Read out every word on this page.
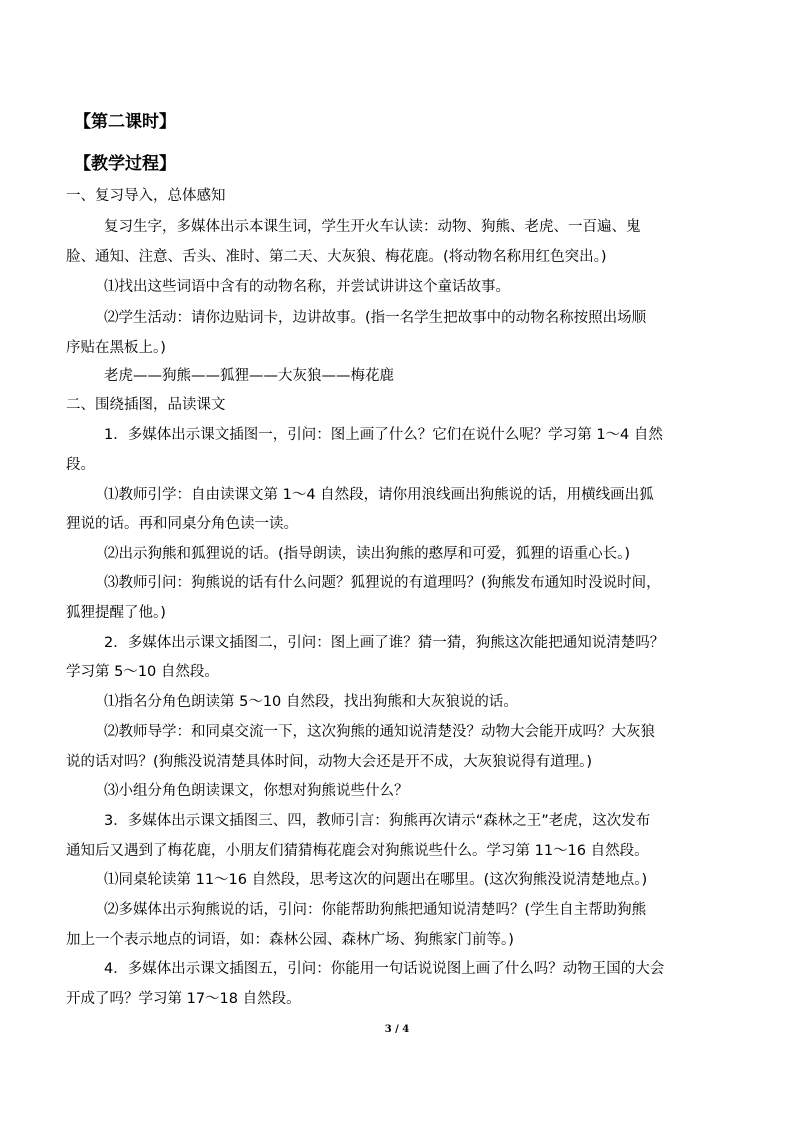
【第二课时】
【教学过程】
一、复习导入，总体感知
复习生字，多媒体出示本课生词，学生开火车认读：动物、狗熊、老虎、一百遍、鬼
脸、通知、注意、舌头、准时、第二天、大灰狼、梅花鹿。(将动物名称用红色突出。)
⑴找出这些词语中含有的动物名称，并尝试讲讲这个童话故事。
⑵学生活动：请你边贴词卡，边讲故事。(指一名学生把故事中的动物名称按照出场顺
序贴在黑板上。)
老虎——狗熊——狐狸——大灰狼——梅花鹿
二、围绕插图，品读课文
1．多媒体出示课文插图一，引问：图上画了什么？它们在说什么呢？学习第 1～4 自然
段。
⑴教师引学：自由读课文第 1～4 自然段，请你用浪线画出狗熊说的话，用横线画出狐
狸说的话。再和同桌分角色读一读。
⑵出示狗熊和狐狸说的话。(指导朗读，读出狗熊的憨厚和可爱，狐狸的语重心长。)
⑶教师引问：狗熊说的话有什么问题？狐狸说的有道理吗？(狗熊发布通知时没说时间，
狐狸提醒了他。)
2．多媒体出示课文插图二，引问：图上画了谁？猜一猜，狗熊这次能把通知说清楚吗？
学习第 5～10 自然段。
⑴指名分角色朗读第 5～10 自然段，找出狗熊和大灰狼说的话。
⑵教师导学：和同桌交流一下，这次狗熊的通知说清楚没？动物大会能开成吗？大灰狼
说的话对吗？(狗熊没说清楚具体时间，动物大会还是开不成，大灰狼说得有道理。)
⑶小组分角色朗读课文，你想对狗熊说些什么？
3．多媒体出示课文插图三、四，教师引言：狗熊再次请示“森林之王”老虎，这次发布
通知后又遇到了梅花鹿，小朋友们猜猜梅花鹿会对狗熊说些什么。学习第 11～16 自然段。
⑴同桌轮读第 11～16 自然段，思考这次的问题出在哪里。(这次狗熊没说清楚地点。)
⑵多媒体出示狗熊说的话，引问：你能帮助狗熊把通知说清楚吗？(学生自主帮助狗熊
加上一个表示地点的词语，如：森林公园、森林广场、狗熊家门前等。)
4．多媒体出示课文插图五，引问：你能用一句话说说图上画了什么吗？动物王国的大会
开成了吗？学习第 17～18 自然段。
3 / 4
